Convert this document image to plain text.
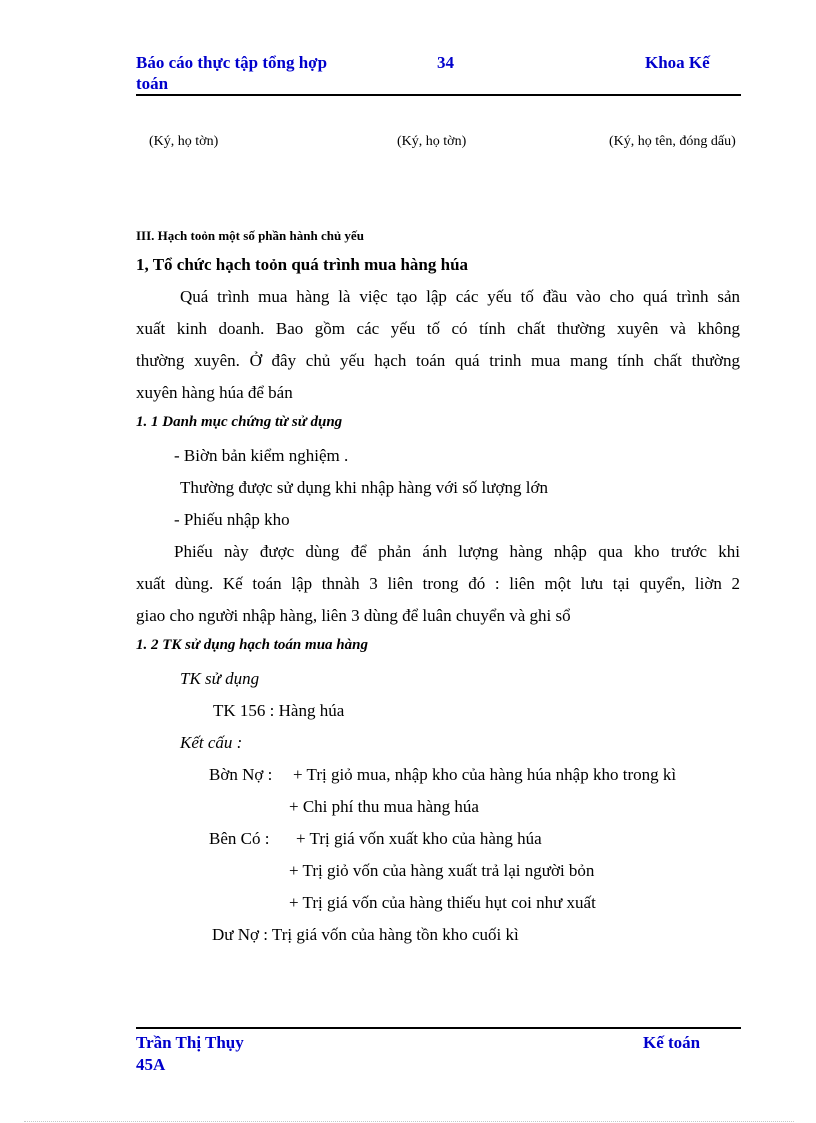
Báo cáo thực tập tổng hợp
toán
34	Khoa Kế
(Ký, họ tờn)	(Ký, họ tờn)	(Ký, họ tên, đóng dấu)
III. Hạch toỏn một số phần hành chủ yếu
1, Tổ chức hạch toỏn quá trình mua hàng húa
Quá trình mua hàng là việc tạo lập các yếu tố đầu vào cho quá trình sản
xuất kinh doanh. Bao gồm các yếu tố có tính chất thường xuyên và không
thường xuyên. Ở đây chủ yếu hạch toán quá trinh mua mang tính chất thường
xuyên hàng húa để bán
1. 1 Danh mục chứng từ sử dụng
- Biờn bản kiểm nghiệm .
Thường được sử dụng khi nhập hàng với số lượng lớn
- Phiếu nhập kho
Phiếu này được dùng để phản ánh lượng hàng nhập qua kho trước khi
xuất dùng. Kế toán lập thnàh 3 liên trong đó : liên một lưu tại quyển, liờn 2
giao cho người nhập hàng, liên 3 dùng để luân chuyển và ghi sổ
1. 2 TK sử dụng hạch toán mua hàng
TK sử dụng
TK 156 : Hàng húa
Kết cấu :
Bờn Nợ : + Trị giỏ mua, nhập kho của hàng húa nhập kho trong kì
+ Chi phí thu mua hàng húa
Bên Có : + Trị giá vốn xuất kho của hàng húa
+ Trị giỏ vốn của hàng xuất trả lại người bỏn
+ Trị giá vốn của hàng thiếu hụt coi như xuất
Dư Nợ : Trị giá vốn của hàng tồn kho cuối kì
Trần Thị Thụy
45A
Kế toán
